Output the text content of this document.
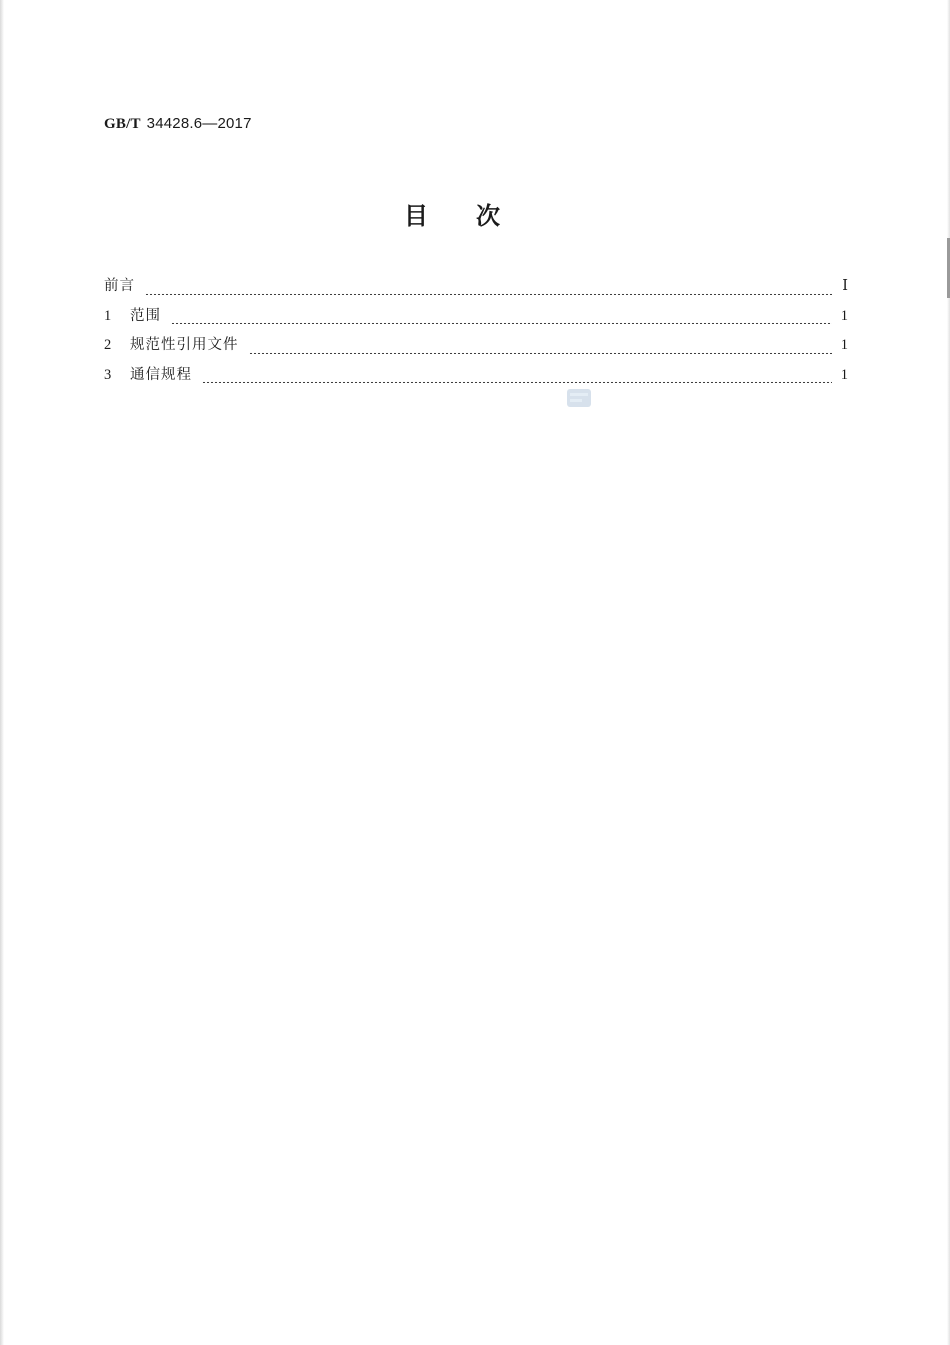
GB/T 34428.6—2017
目次
前言	Ⅰ
1	范围	1
2	规范性引用文件	1
3	通信规程	1
